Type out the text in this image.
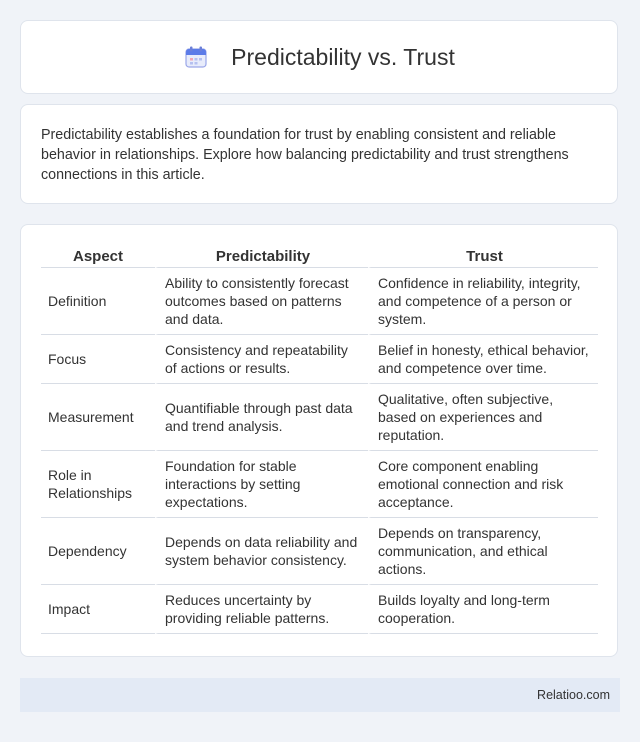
Predictability vs. Trust

Predictability establishes a foundation for trust by enabling consistent and reliable behavior in relationships. Explore how balancing predictability and trust strengthens connections in this article.

Aspect	Predictability	Trust
Definition	Ability to consistently forecast outcomes based on patterns and data.	Confidence in reliability, integrity, and competence of a person or system.
Focus	Consistency and repeatability of actions or results.	Belief in honesty, ethical behavior, and competence over time.
Measurement	Quantifiable through past data and trend analysis.	Qualitative, often subjective, based on experiences and reputation.
Role in Relationships	Foundation for stable interactions by setting expectations.	Core component enabling emotional connection and risk acceptance.
Dependency	Depends on data reliability and system behavior consistency.	Depends on transparency, communication, and ethical actions.
Impact	Reduces uncertainty by providing reliable patterns.	Builds loyalty and long-term cooperation.
Relatioo.com
